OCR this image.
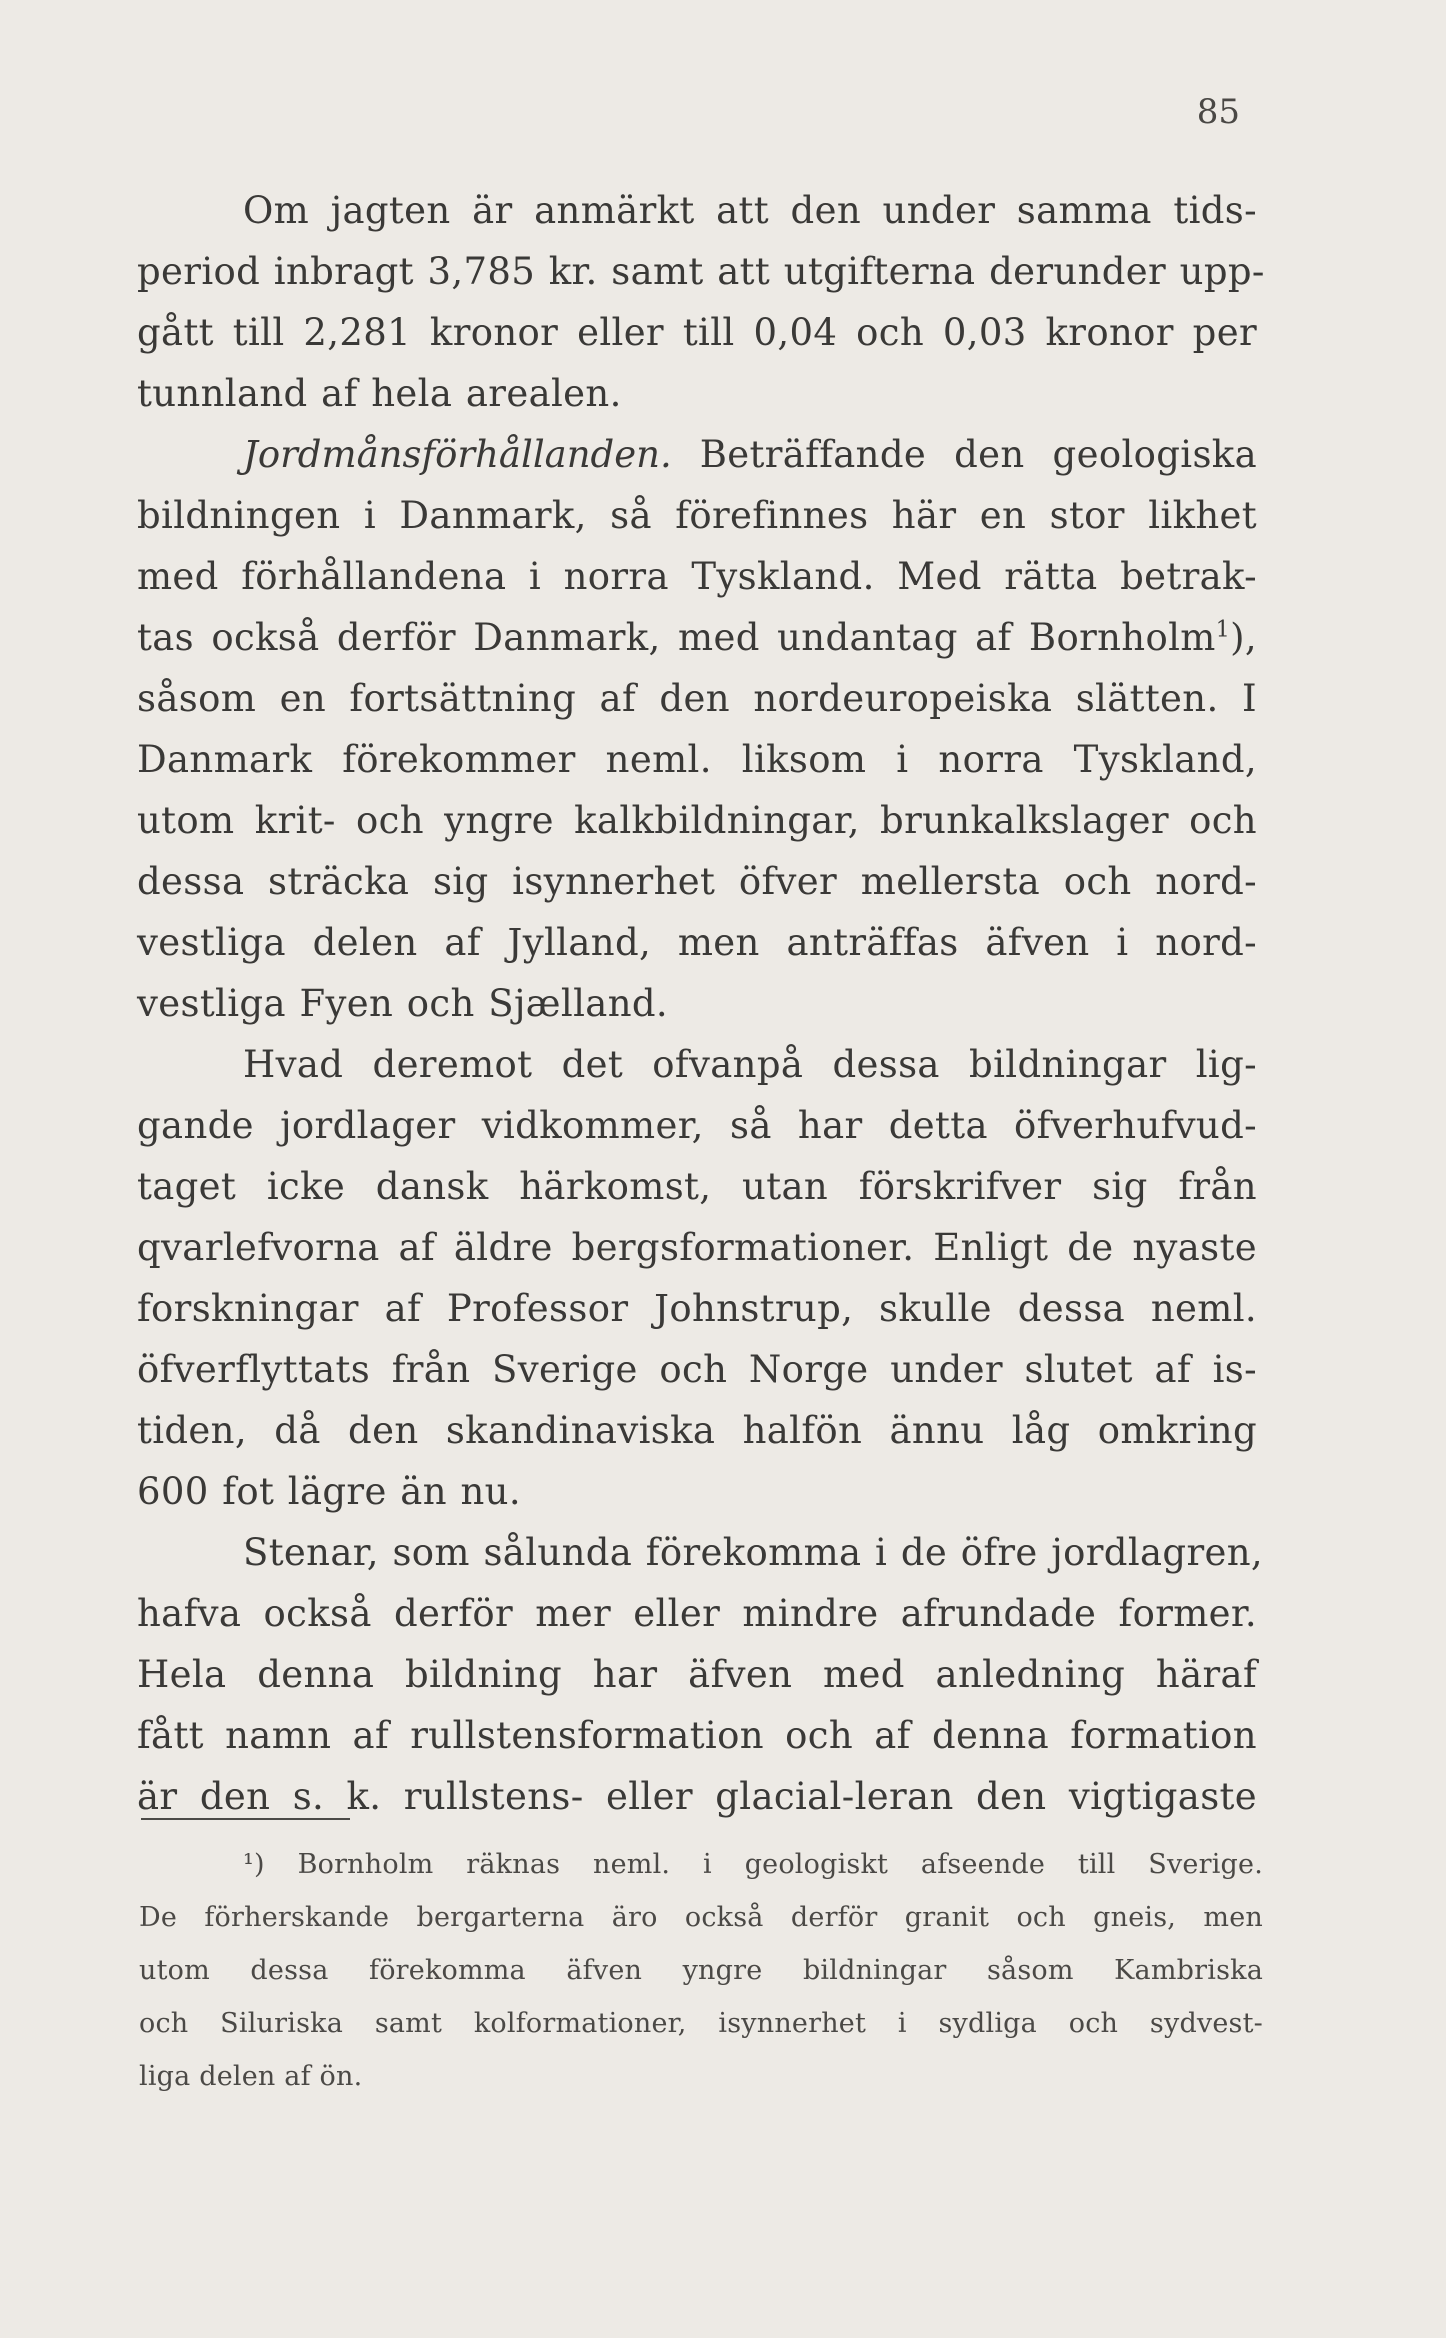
85
Om jagten är anmärkt att den under samma tids-
period inbragt 3,785 kr. samt att utgifterna derunder upp-
gått till 2,281 kronor eller till 0,04 och 0,03 kronor per
tunnland af hela arealen.
Jordmånsförhållanden. Beträffande den geologiska
bildningen i Danmark, så förefinnes här en stor likhet
med förhållandena i norra Tyskland. Med rätta betrak-
tas också derför Danmark, med undantag af Bornholm$^1$),
såsom en fortsättning af den nordeuropeiska slätten. I
Danmark förekommer neml. liksom i norra Tyskland,
utom krit- och yngre kalkbildningar, brunkalkslager och
dessa sträcka sig isynnerhet öfver mellersta och nord-
vestliga delen af Jylland, men anträffas äfven i nord-
vestliga Fyen och Sjælland.
Hvad deremot det ofvanpå dessa bildningar lig-
gande jordlager vidkommer, så har detta öfverhufvud-
taget icke dansk härkomst, utan förskrifver sig från
qvarlefvorna af äldre bergsformationer. Enligt de nyaste
forskningar af Professor Johnstrup, skulle dessa neml.
öfverflyttats från Sverige och Norge under slutet af is-
tiden, då den skandinaviska halfön ännu låg omkring
600 fot lägre än nu.
Stenar, som sålunda förekomma i de öfre jordlagren,
hafva också derför mer eller mindre afrundade former.
Hela denna bildning har äfven med anledning häraf
fått namn af rullstensformation och af denna formation
är den s. k. rullstens- eller glacial-leran den vigtigaste
¹) Bornholm räknas neml. i geologiskt afseende till Sverige.
De förherskande bergarterna äro också derför granit och gneis, men
utom dessa förekomma äfven yngre bildningar såsom Kambriska
och Siluriska samt kolformationer, isynnerhet i sydliga och sydvest-
liga delen af ön.
